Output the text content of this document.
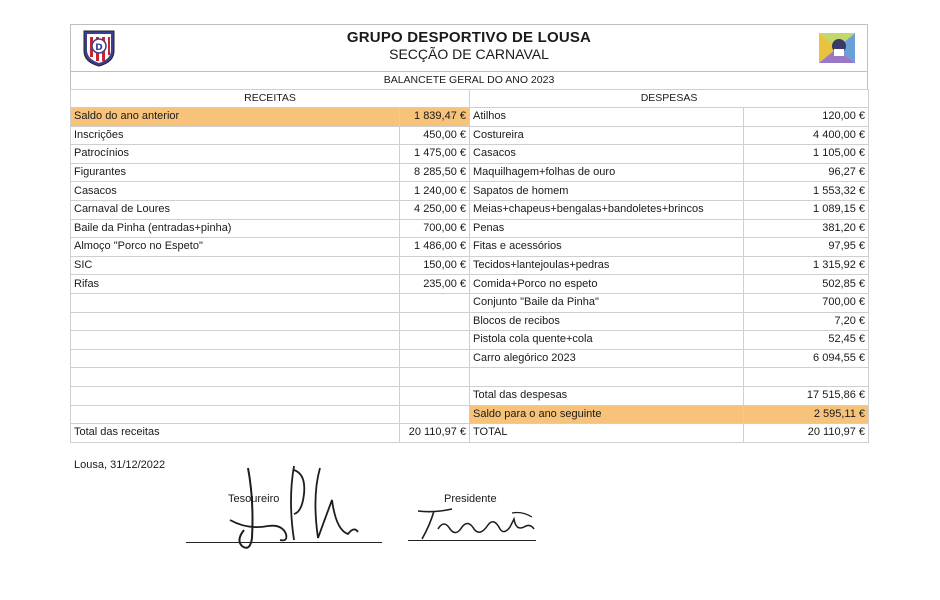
D
GRUPO DESPORTIVO DE LOUSA
SECÇÃO DE CARNAVAL
BALANCETE GERAL DO ANO 2023
RECEITAS		DESPESAS	
Saldo do ano anterior	1 839,47 €	Atilhos	120,00 €
Inscrições	450,00 €	Costureira	4 400,00 €
Patrocínios	1 475,00 €	Casacos	1 105,00 €
Figurantes	8 285,50 €	Maquilhagem+folhas de ouro	96,27 €
Casacos	1 240,00 €	Sapatos de homem	1 553,32 €
Carnaval de Loures	4 250,00 €	Meias+chapeus+bengalas+bandoletes+brincos	1 089,15 €
Baile da Pinha (entradas+pinha)	700,00 €	Penas	381,20 €
Almoço "Porco no Espeto"	1 486,00 €	Fitas e acessórios	97,95 €
SIC	150,00 €	Tecidos+lantejoulas+pedras	1 315,92 €
Rifas	235,00 €	Comida+Porco no espeto	502,85 €
		Conjunto "Baile da Pinha"	700,00 €
		Blocos de recibos	7,20 €
		Pistola cola quente+cola	52,45 €
		Carro alegórico 2023	6 094,55 €

		Total das despesas	17 515,86 €
		Saldo para o ano seguinte	2 595,11 €
Total das receitas	20 110,97 €	TOTAL	20 110,97 €
Lousa, 31/12/2022
Tesoureiro	Presidente
